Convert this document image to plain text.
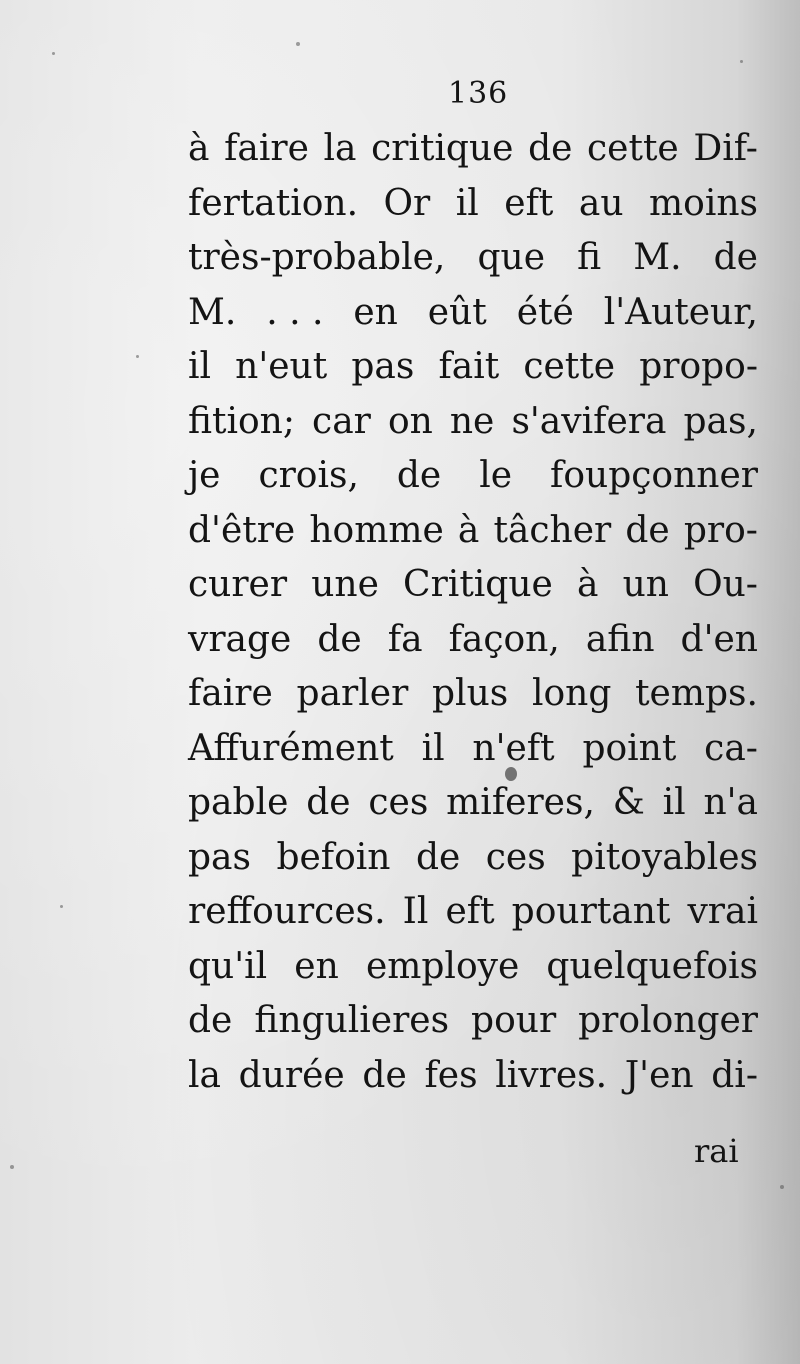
136
à faire la critique de cette Dif-
fertation. Or il eft au moins
très-probable, que fi M. de
M. . . . en eût été l'Auteur,
il n'eut pas fait cette propo-
fition; car on ne s'avifera pas,
je crois, de le foupçonner
d'être homme à tâcher de pro-
curer une Critique à un Ou-
vrage de fa façon, afin d'en
faire parler plus long temps.
Affurément il n'eft point ca-
pable de ces miferes, & il n'a
pas befoin de ces pitoyables
reffources. Il eft pourtant vrai
qu'il en employe quelquefois
de fingulieres pour prolonger
la durée de fes livres. J'en di-
rai
